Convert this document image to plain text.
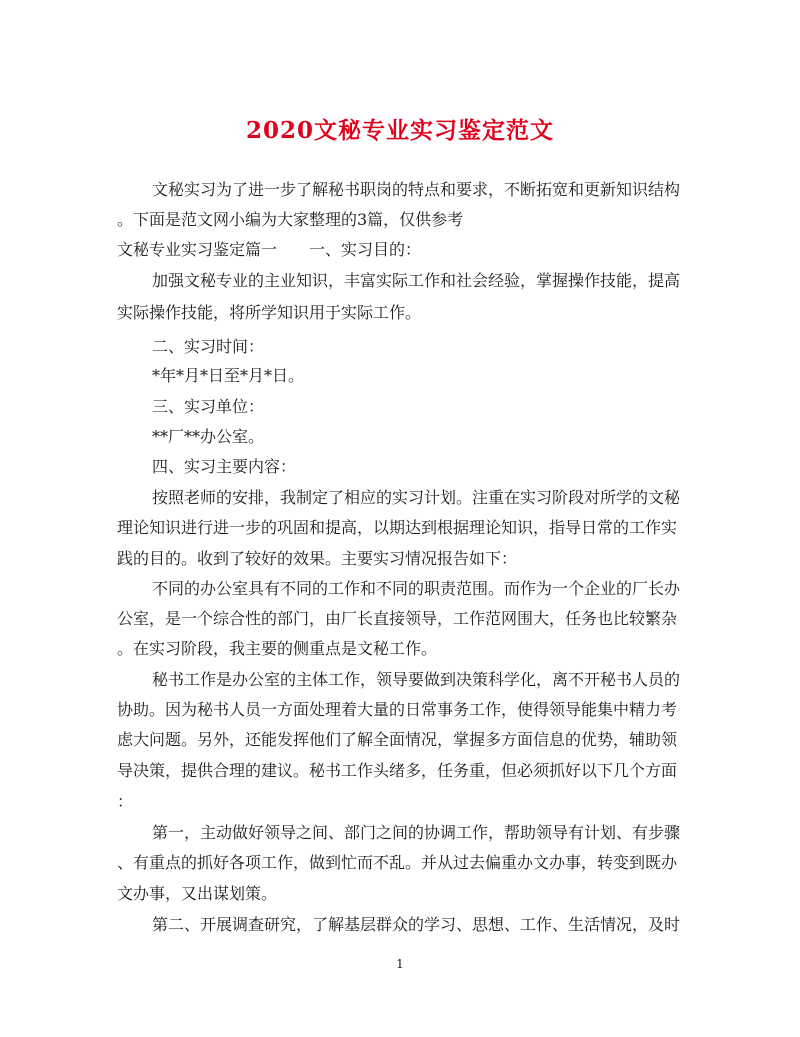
2020文秘专业实习鉴定范文
文秘实习为了进一步了解秘书职岗的特点和要求，不断拓宽和更新知识结构
。下面是范文网小编为大家整理的3篇，仅供参考
文秘专业实习鉴定篇一　　一、实习目的：
加强文秘专业的主业知识，丰富实际工作和社会经验，掌握操作技能，提高
实际操作技能，将所学知识用于实际工作。
二、实习时间：
*年*月*日至*月*日。
三、实习单位：
**厂**办公室。
四、实习主要内容：
按照老师的安排，我制定了相应的实习计划。注重在实习阶段对所学的文秘
理论知识进行进一步的巩固和提高，以期达到根据理论知识，指导日常的工作实
践的目的。收到了较好的效果。主要实习情况报告如下：
不同的办公室具有不同的工作和不同的职责范围。而作为一个企业的厂长办
公室，是一个综合性的部门，由厂长直接领导，工作范网围大，任务也比较繁杂
。在实习阶段，我主要的侧重点是文秘工作。
秘书工作是办公室的主体工作，领导要做到决策科学化，离不开秘书人员的
协助。因为秘书人员一方面处理着大量的日常事务工作，使得领导能集中精力考
虑大问题。另外，还能发挥他们了解全面情况，掌握多方面信息的优势，辅助领
导决策，提供合理的建议。秘书工作头绪多，任务重，但必须抓好以下几个方面
：
第一，主动做好领导之间、部门之间的协调工作，帮助领导有计划、有步骤
、有重点的抓好各项工作，做到忙而不乱。并从过去偏重办文办事，转变到既办
文办事，又出谋划策。
第二、开展调查研究，了解基层群众的学习、思想、工作、生活情况，及时
1
